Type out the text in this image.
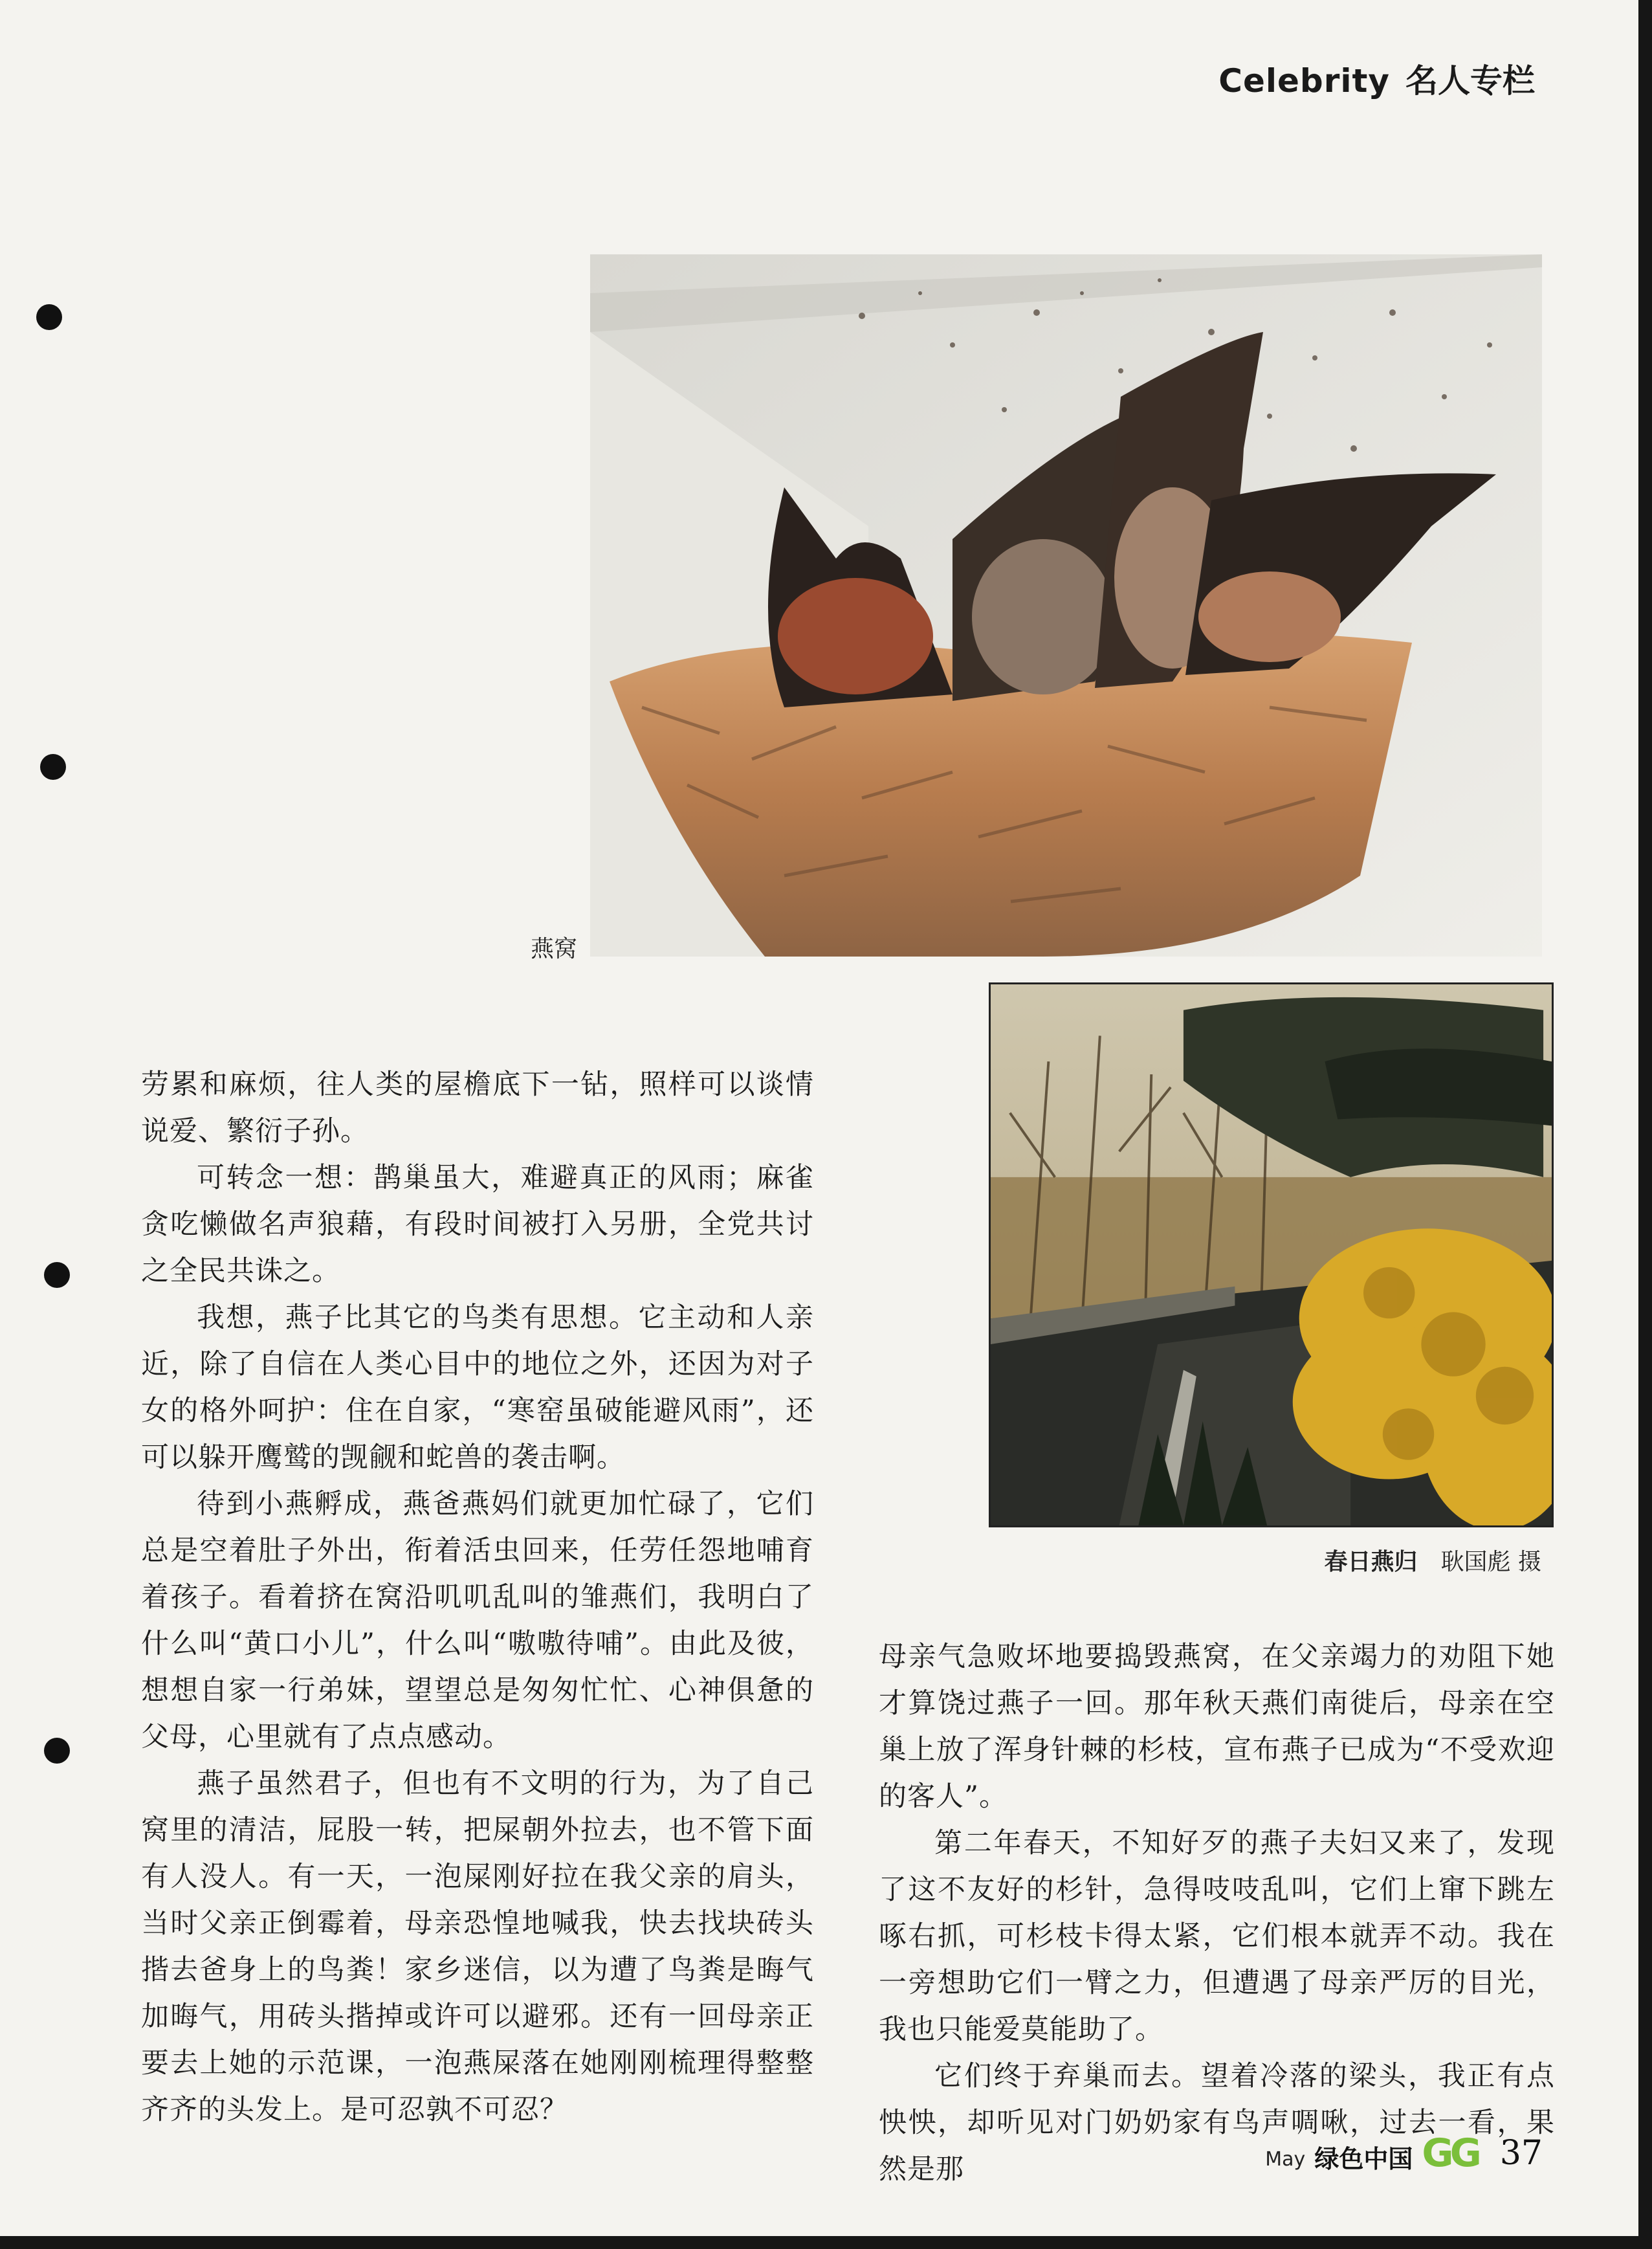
Celebrity 名人专栏
燕窝
春日燕归 耿国彪 摄

劳累和麻烦，往人类的屋檐底下一钻，照样可以谈情说爱、繁衍子孙。

可转念一想：鹊巢虽大，难避真正的风雨；麻雀贪吃懒做名声狼藉，有段时间被打入另册，全党共讨之全民共诛之。

我想，燕子比其它的鸟类有思想。它主动和人亲近，除了自信在人类心目中的地位之外，还因为对子女的格外呵护：住在自家，“寒窑虽破能避风雨”，还可以躲开鹰鹫的觊觎和蛇兽的袭击啊。

待到小燕孵成，燕爸燕妈们就更加忙碌了，它们总是空着肚子外出，衔着活虫回来，任劳任怨地哺育着孩子。看着挤在窝沿叽叽乱叫的雏燕们，我明白了什么叫“黄口小儿”，什么叫“嗷嗷待哺”。由此及彼，想想自家一行弟妹，望望总是匆匆忙忙、心神俱惫的父母，心里就有了点点感动。

燕子虽然君子，但也有不文明的行为，为了自己窝里的清洁，屁股一转，把屎朝外拉去，也不管下面有人没人。有一天，一泡屎刚好拉在我父亲的肩头，当时父亲正倒霉着，母亲恐惶地喊我，快去找块砖头揩去爸身上的鸟粪！家乡迷信，以为遭了鸟粪是晦气加晦气，用砖头揩掉或许可以避邪。还有一回母亲正要去上她的示范课，一泡燕屎落在她刚刚梳理得整整齐齐的头发上。是可忍孰不可忍？

母亲气急败坏地要捣毁燕窝，在父亲竭力的劝阻下她才算饶过燕子一回。那年秋天燕们南徙后，母亲在空巢上放了浑身针棘的杉枝，宣布燕子已成为“不受欢迎的客人”。

第二年春天，不知好歹的燕子夫妇又来了，发现了这不友好的杉针，急得吱吱乱叫，它们上窜下跳左啄右抓，可杉枝卡得太紧，它们根本就弄不动。我在一旁想助它们一臂之力，但遭遇了母亲严厉的目光，我也只能爱莫能助了。

它们终于弃巢而去。望着冷落的梁头，我正有点怏怏，却听见对门奶奶家有鸟声啁啾，过去一看，果然是那	May 绿色中国 GG 37
